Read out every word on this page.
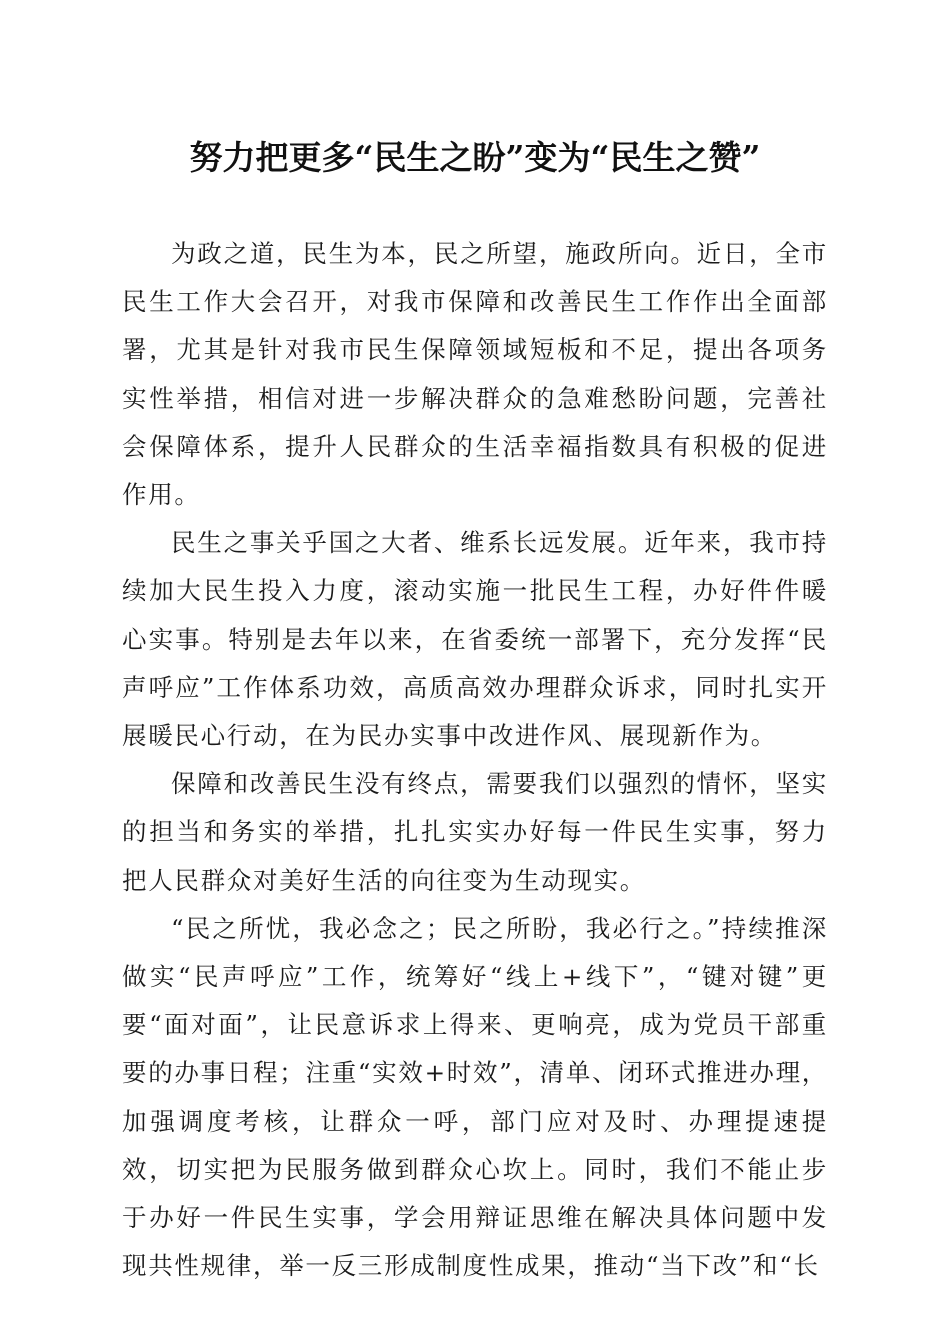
努力把更多“民生之盼”变为“民生之赞”

为政之道，民生为本，民之所望，施政所向。近日，全市民生工作大会召开，对我市保障和改善民生工作作出全面部署，尤其是针对我市民生保障领域短板和不足，提出各项务实性举措，相信对进一步解决群众的急难愁盼问题，完善社会保障体系，提升人民群众的生活幸福指数具有积极的促进作用。

民生之事关乎国之大者、维系长远发展。近年来，我市持续加大民生投入力度，滚动实施一批民生工程，办好件件暖心实事。特别是去年以来，在省委统一部署下，充分发挥“民声呼应”工作体系功效，高质高效办理群众诉求，同时扎实开展暖民心行动，在为民办实事中改进作风、展现新作为。

保障和改善民生没有终点，需要我们以强烈的情怀，坚实的担当和务实的举措，扎扎实实办好每一件民生实事，努力把人民群众对美好生活的向往变为生动现实。

“民之所忧，我必念之；民之所盼，我必行之。”持续推深做实“民声呼应”工作，统筹好“线上+线下”，“键对键”更要“面对面”，让民意诉求上得来、更响亮，成为党员干部重要的办事日程；注重“实效+时效”，清单、闭环式推进办理，加强调度考核，让群众一呼，部门应对及时、办理提速提效，切实把为民服务做到群众心坎上。同时，我们不能止步于办好一件民生实事，学会用辩证思维在解决具体问题中发现共性规律，举一反三形成制度性成果，推动“当下改”和“长
